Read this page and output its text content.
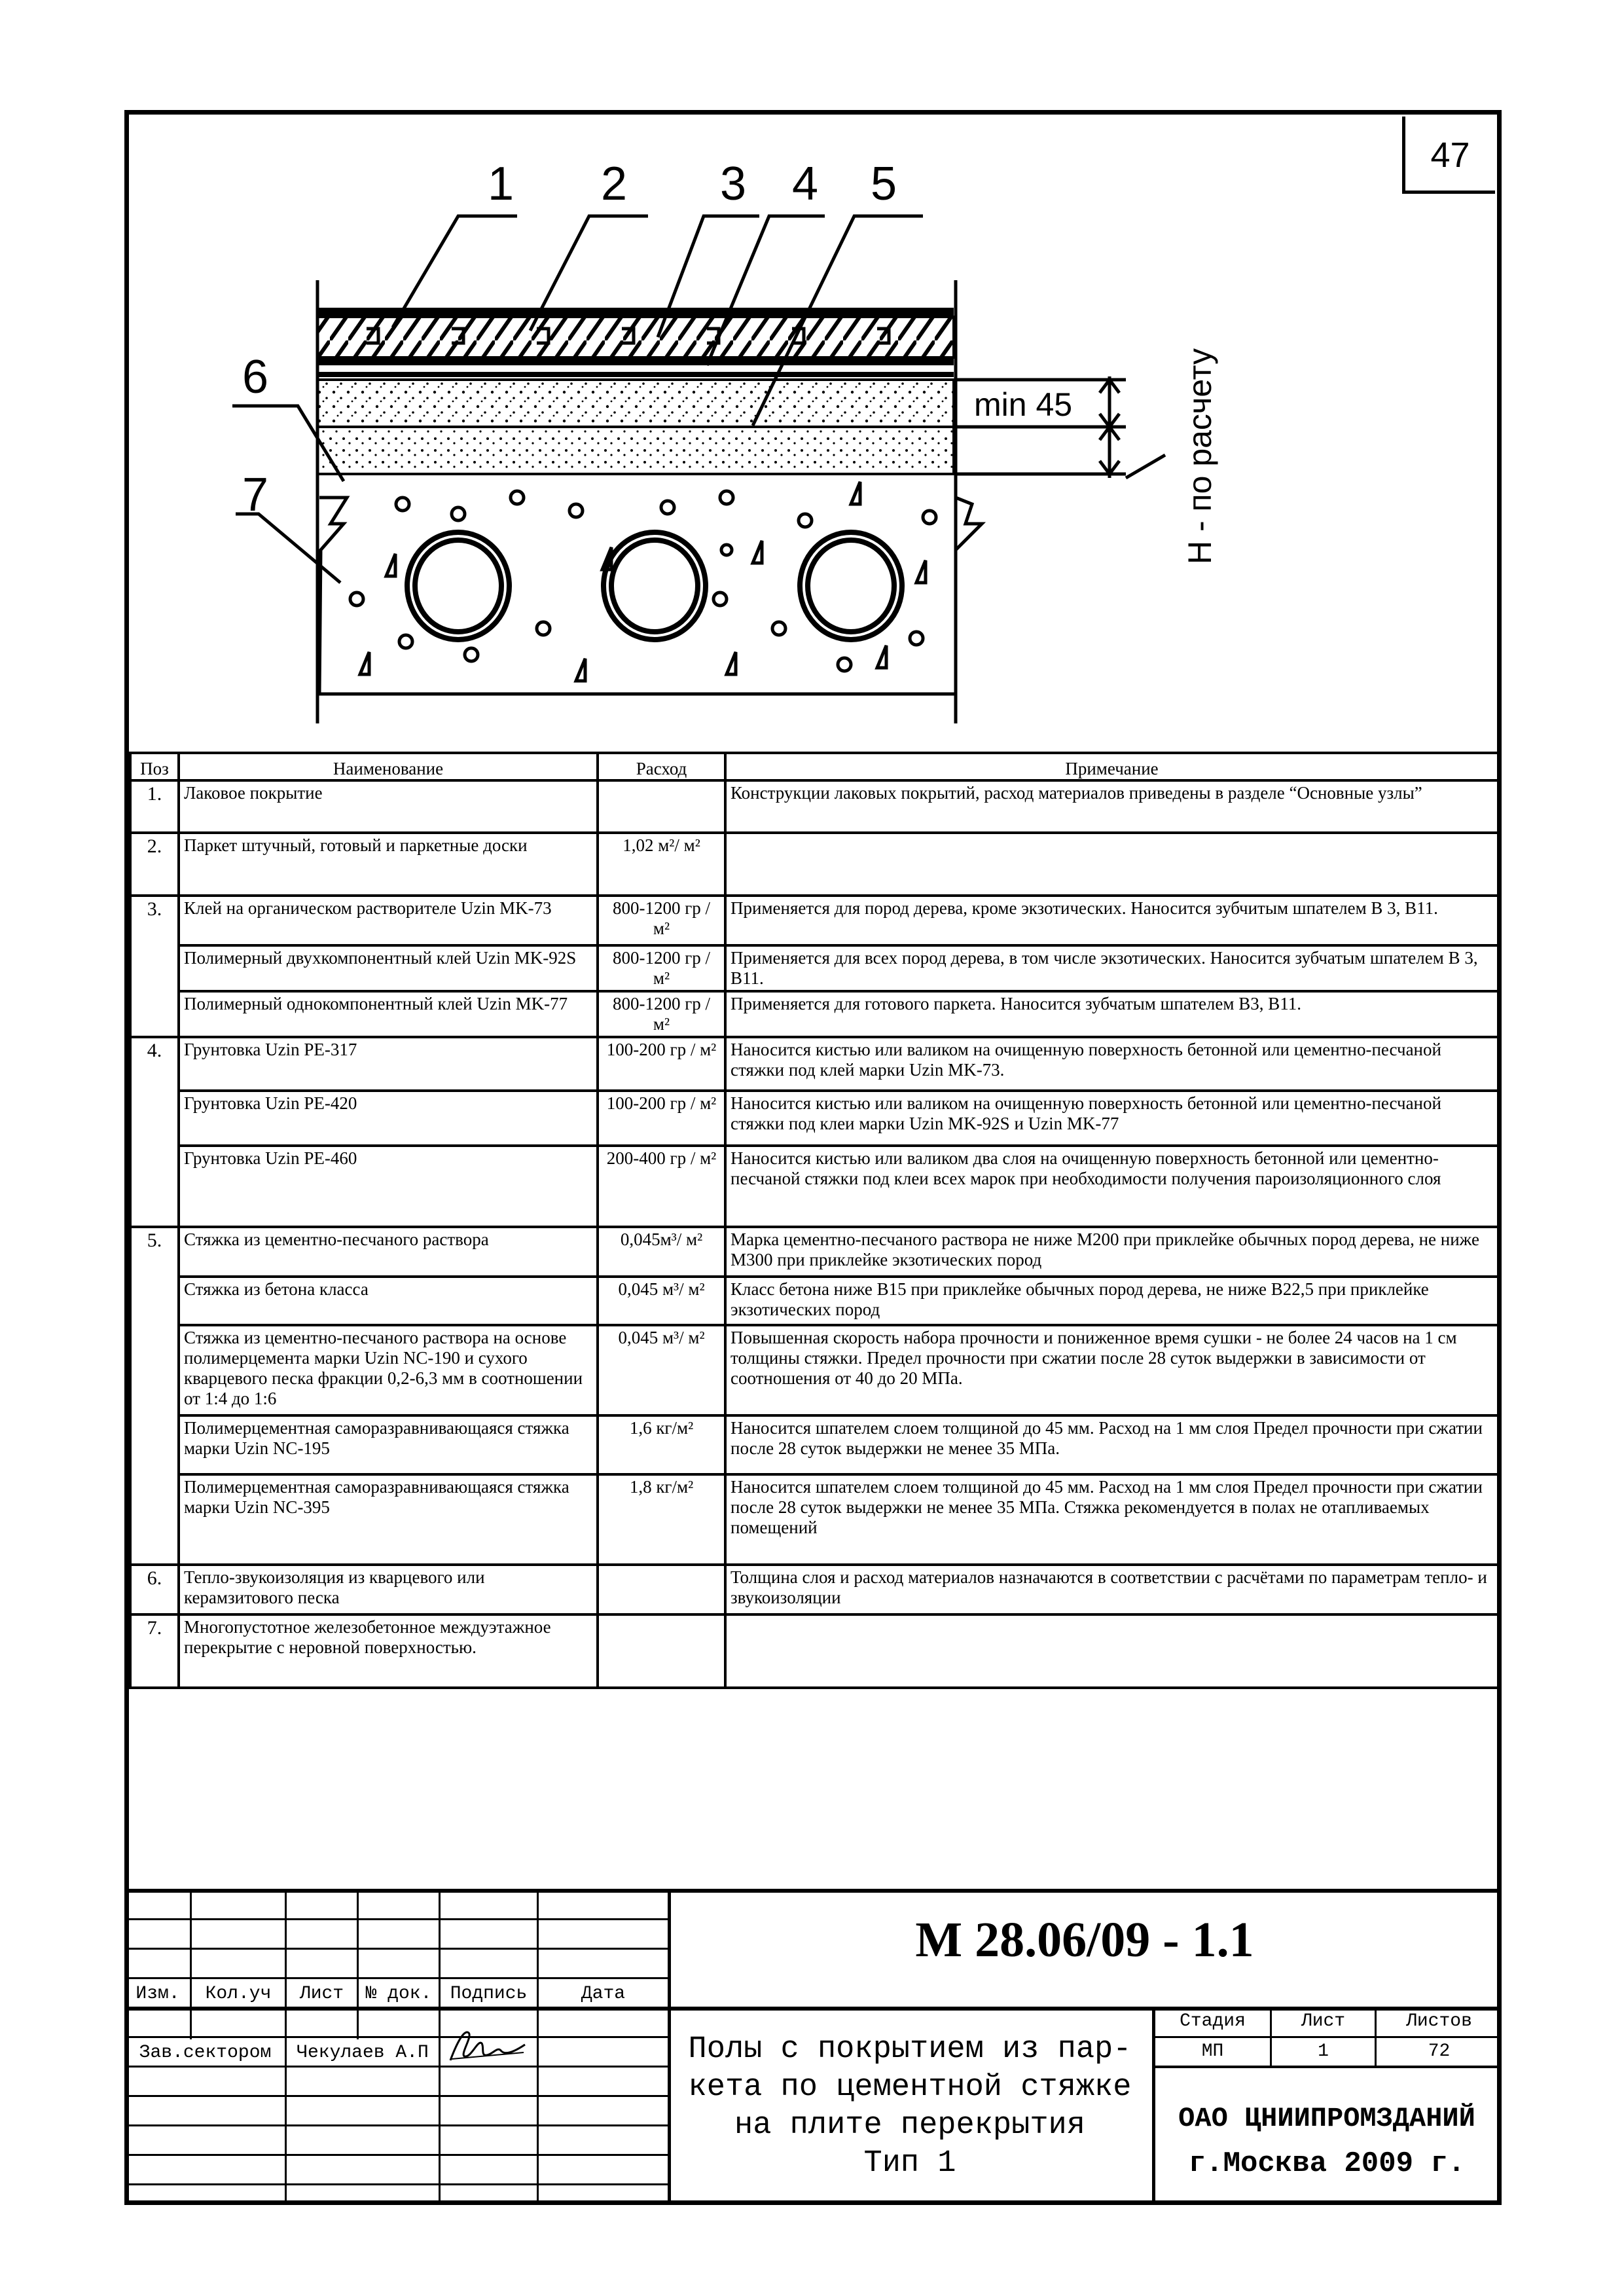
47
1 2 3 4 5
6
7
min 45	H - по расчету
Поз	Наименование	Расход	Примечание
1.	Лаковое покрытие		Конструкции лаковых покрытий, расход материалов приведены в разделе “Основные узлы”
2.	Паркет штучный, готовый и паркетные доски	1,02 м²/ м²	
3.	Клей на органическом растворителе Uzin MK-73	800-1200 гр / м²	Применяется для пород дерева, кроме экзотических. Наносится зубчитым шпателем В 3, В11.
	Полимерный двухкомпонентный клей Uzin MK-92S	800-1200 гр / м²	Применяется для всех пород дерева, в том числе экзотических. Наносится зубчатым шпателем В 3, В11.
	Полимерный однокомпонентный клей Uzin MK-77	800-1200 гр / м²	Применяется для готового паркета. Наносится зубчатым шпателем В3, В11.
4.	Грунтовка Uzin PE-317	100-200 гр / м²	Наносится кистью или валиком на очищенную поверхность бетонной или цементно-песчаной стяжки под клей марки Uzin MK-73.
	Грунтовка Uzin PE-420	100-200 гр / м²	Наносится кистью или валиком на очищенную поверхность бетонной или цементно-песчаной стяжки под клеи марки Uzin MK-92S и Uzin MK-77
	Грунтовка Uzin PE-460	200-400 гр / м²	Наносится кистью или валиком два слоя на очищенную поверхность бетонной или цементно-песчаной стяжки под клеи всех марок при необходимости получения пароизоляционного слоя
5.	Стяжка из цементно-песчаного раствора	0,045м³/ м²	Марка цементно-песчаного раствора не ниже М200 при приклейке обычных пород дерева, не ниже М300 при приклейке экзотических пород
	Стяжка из бетона класса	0,045 м³/ м²	Класс бетона ниже В15 при приклейке обычных пород дерева, не ниже В22,5 при приклейке экзотических пород
	Стяжка из цементно-песчаного раствора на основе полимерцемента марки Uzin NC-190 и сухого кварцевого песка фракции 0,2-6,3 мм в соотношении от 1:4 до 1:6	0,045 м³/ м²	Повышенная скорость набора прочности и пониженное время сушки - не более 24 часов на 1 см толщины стяжки. Предел прочности при сжатии после 28 суток выдержки в зависимости от соотношения от 40 до 20 МПа.
	Полимерцементная саморазравнивающаяся стяжка марки Uzin NC-195	1,6 кг/м²	Наносится шпателем слоем толщиной до 45 мм. Расход на 1 мм слоя Предел прочности при сжатии после 28 суток выдержки не менее 35 МПа.
	Полимерцементная саморазравнивающаяся стяжка марки Uzin NC-395	1,8 кг/м²	Наносится шпателем слоем толщиной до 45 мм. Расход на 1 мм слоя Предел прочности при сжатии после 28 суток выдержки не менее 35 МПа. Стяжка рекомендуется в полах не отапливаемых помещений
6.	Тепло-звукоизоляция из кварцевого или керамзитового песка		Толщина слоя и расход материалов назначаются в соответствии с расчётами по параметрам тепло- и звукоизоляции
7.	Многопустотное железобетонное междуэтажное перекрытие с неровной поверхностью.		
М 28.06/09 - 1.1
Изм.	Кол.уч	Лист	№ док.	Подпись	Дата
Зав.сектором	Чекулаев А.П	Полы с покрытием из пар-
кета по цементной стяжке
на плите перекрытия
Тип 1
Стадия	Лист	Листов
МП	1	72
ОАО ЦНИИПРОМЗДАНИЙ
г.Москва 2009 г.
